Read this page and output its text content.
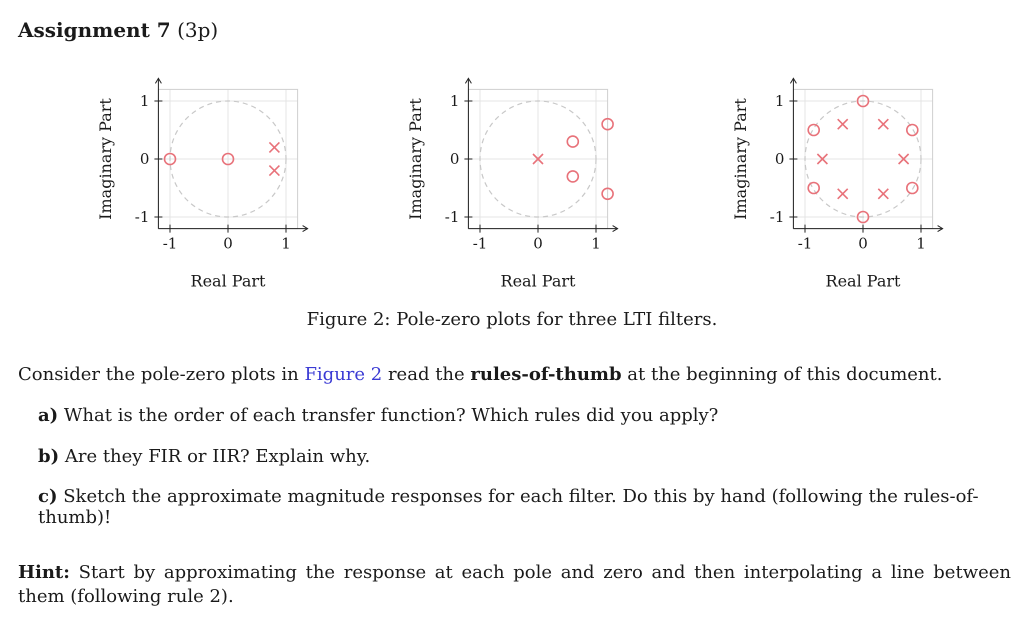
Assignment 7 (3p)
-1	0	1
1
0
-1
Real Part
Imaginary Part
-1	0	1
1
0
-1
Real Part
Imaginary Part
-1	0	1
1
0
-1
Real Part
Imaginary Part
Figure 2: Pole-zero plots for three LTI filters.
Consider the pole-zero plots in Figure 2 read the rules-of-thumb at the beginning of this document.
a) What is the order of each transfer function? Which rules did you apply?
b) Are they FIR or IIR? Explain why.
c) Sketch the approximate magnitude responses for each filter. Do this by hand (following the rules-of-thumb)!
Hint: Start by approximating the response at each pole and zero and then interpolating a line between them (following rule 2).
